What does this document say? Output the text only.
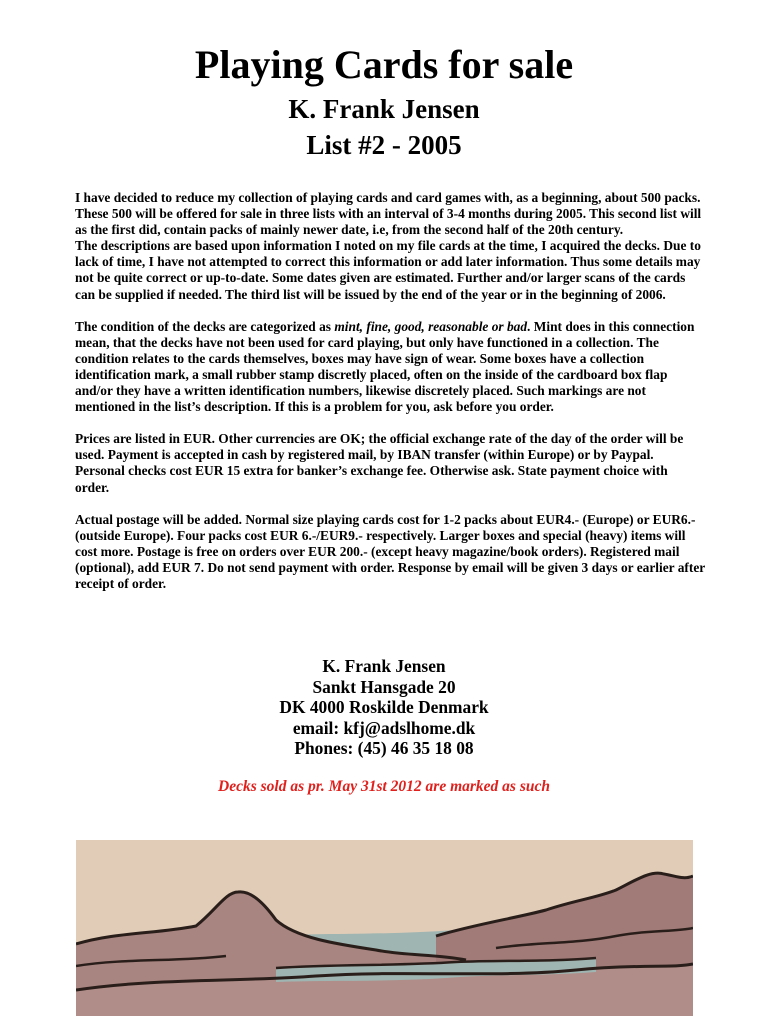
Playing Cards for sale
K. Frank Jensen
List #2 - 2005

I have decided to reduce my collection of playing cards and card games with, as a beginning, about 500 packs. These 500 will be offered for sale in three lists with an interval of 3-4 months during 2005. This second list will as the first did, contain packs of mainly newer date, i.e, from the second half of the 20th century.

The descriptions are based upon information I noted on my file cards at the time, I acquired the decks. Due to lack of time, I have not attempted to correct this information or add later information. Thus some details may not be quite correct or up-to-date. Some dates given are estimated. Further and/or larger scans of the cards can be supplied if needed. The third list will be issued by the end of the year or in the beginning of 2006.

The condition of the decks are categorized as mint, fine, good, reasonable or bad. Mint does in this connection mean, that the decks have not been used for card playing, but only have functioned in a collection. The condition relates to the cards themselves, boxes may have sign of wear. Some boxes have a collection identification mark, a small rubber stamp discretly placed, often on the inside of the cardboard box flap and/or they have a written identification numbers, likewise discretely placed. Such markings are not mentioned in the list’s description. If this is a problem for you, ask before you order.

Prices are listed in EUR. Other currencies are OK; the official exchange rate of the day of the order will be used. Payment is accepted in cash by registered mail, by IBAN transfer (within Europe) or by Paypal. Personal checks cost EUR 15 extra for banker’s exchange fee. Otherwise ask. State payment choice with order.

Actual postage will be added. Normal size playing cards cost for 1-2 packs about EUR4.- (Europe) or EUR6.- (outside Europe). Four packs cost EUR 6.-/EUR9.- respectively. Larger boxes and special (heavy) items will cost more. Postage is free on orders over EUR 200.- (except heavy magazine/book orders). Registered mail (optional), add EUR 7. Do not send payment with order. Response by email will be given 3 days or earlier after receipt of order.

K. Frank Jensen
Sankt Hansgade 20
DK 4000 Roskilde Denmark
email: kfj@adslhome.dk
Phones: (45) 46 35 18 08
Decks sold as pr. May 31st 2012 are marked as such
